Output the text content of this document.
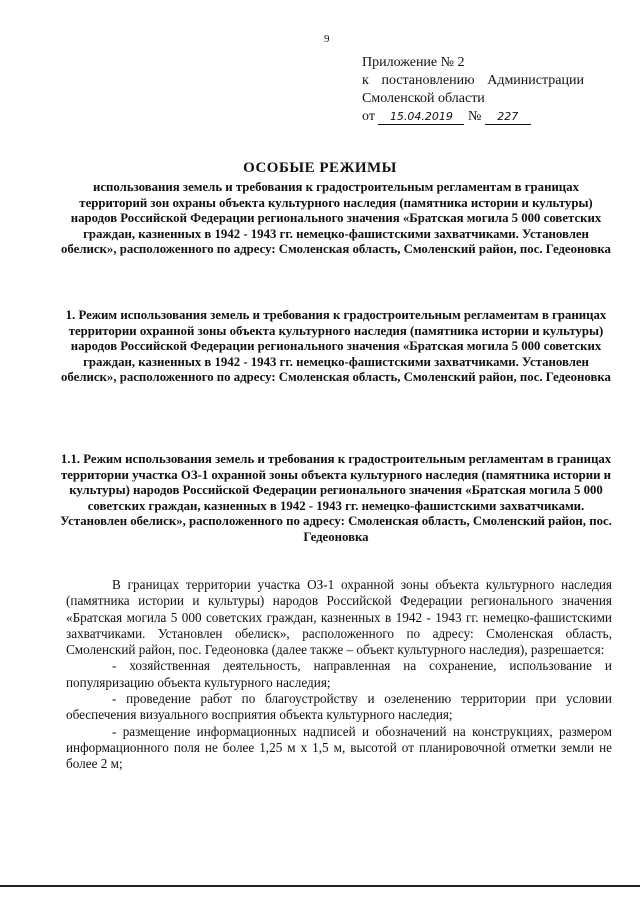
9
Приложение № 2
к постановлению Администрации
Смоленской области
от 15.04.2019 № 227
ОСОБЫЕ РЕЖИМЫ
использования земель и требования к градостроительным регламентам в границах территорий зон охраны объекта культурного наследия (памятника истории и культуры) народов Российской Федерации регионального значения «Братская могила 5 000 советских граждан, казненных в 1942 - 1943 гг. немецко-фашистскими захватчиками. Установлен обелиск», расположенного по адресу: Смоленская область, Смоленский район, пос. Гедеоновка
1. Режим использования земель и требования к градостроительным регламентам в границах территории охранной зоны объекта культурного наследия (памятника истории и культуры) народов Российской Федерации регионального значения «Братская могила 5 000 советских граждан, казненных в 1942 - 1943 гг. немецко-фашистскими захватчиками. Установлен обелиск», расположенного по адресу: Смоленская область, Смоленский район, пос. Гедеоновка
1.1. Режим использования земель и требования к градостроительным регламентам в границах территории участка ОЗ-1 охранной зоны объекта культурного наследия (памятника истории и культуры) народов Российской Федерации регионального значения «Братская могила 5 000 советских граждан, казненных в 1942 - 1943 гг. немецко-фашистскими захватчиками. Установлен обелиск», расположенного по адресу: Смоленская область, Смоленский район, пос. Гедеоновка

В границах территории участка ОЗ-1 охранной зоны объекта культурного наследия (памятника истории и культуры) народов Российской Федерации регионального значения «Братская могила 5 000 советских граждан, казненных в 1942 - 1943 гг. немецко-фашистскими захватчиками. Установлен обелиск», расположенного по адресу: Смоленская область, Смоленский район, пос. Гедеоновка (далее также – объект культурного наследия), разрешается:

- хозяйственная деятельность, направленная на сохранение, использование и популяризацию объекта культурного наследия;

- проведение работ по благоустройству и озеленению территории при условии обеспечения визуального восприятия объекта культурного наследия;

- размещение информационных надписей и обозначений на конструкциях, размером информационного поля не более 1,25 м х 1,5 м, высотой от планировочной отметки земли не более 2 м;
